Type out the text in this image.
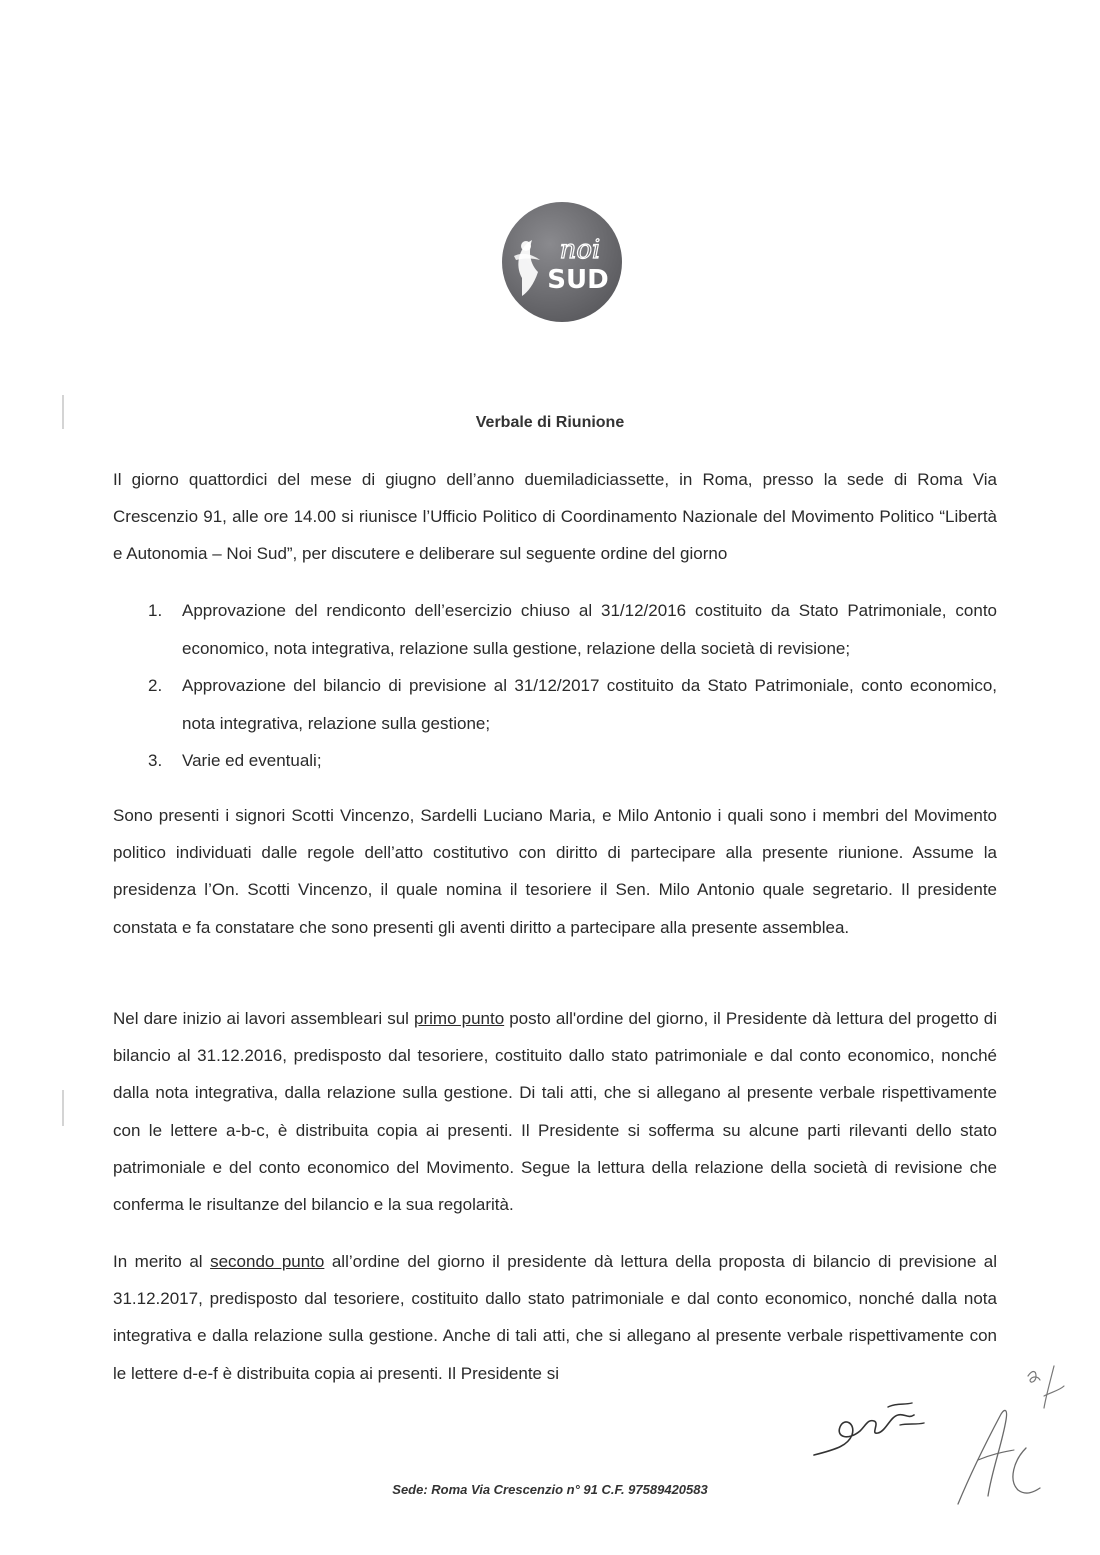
noi
SUD
Verbale di Riunione
Il giorno quattordici del mese di giugno dell’anno duemiladiciassette, in Roma, presso la sede di Roma Via Crescenzio 91, alle ore 14.00 si riunisce l’Ufficio Politico di Coordinamento Nazionale del Movimento Politico “Libertà e Autonomia – Noi Sud”, per discutere e deliberare sul seguente ordine del giorno
1. Approvazione del rendiconto dell’esercizio chiuso al 31/12/2016 costituito da Stato Patrimoniale, conto economico, nota integrativa, relazione sulla gestione, relazione della società di revisione;
2. Approvazione del bilancio di previsione al 31/12/2017 costituito da Stato Patrimoniale, conto economico, nota integrativa, relazione sulla gestione;
3. Varie ed eventuali;
Sono presenti i signori Scotti Vincenzo, Sardelli Luciano Maria, e Milo Antonio i quali sono i membri del Movimento politico individuati dalle regole dell’atto costitutivo con diritto di partecipare alla presente riunione. Assume la presidenza l’On. Scotti Vincenzo, il quale nomina il tesoriere il Sen. Milo Antonio quale segretario. Il presidente constata e fa constatare che sono presenti gli aventi diritto a partecipare alla presente assemblea.
Nel dare inizio ai lavori assembleari sul primo punto posto all'ordine del giorno, il Presidente dà lettura del progetto di bilancio al 31.12.2016, predisposto dal tesoriere, costituito dallo stato patrimoniale e dal conto economico, nonché dalla nota integrativa, dalla relazione sulla gestione. Di tali atti, che si allegano al presente verbale rispettivamente con le lettere a-b-c, è distribuita copia ai presenti. Il Presidente si sofferma su alcune parti rilevanti dello stato patrimoniale e del conto economico del Movimento. Segue la lettura della relazione della società di revisione che conferma le risultanze del bilancio e la sua regolarità.
In merito al secondo punto all’ordine del giorno il presidente dà lettura della proposta di bilancio di previsione al 31.12.2017, predisposto dal tesoriere, costituito dallo stato patrimoniale e dal conto economico, nonché dalla nota integrativa e dalla relazione sulla gestione. Anche di tali atti, che si allegano al presente verbale rispettivamente con le lettere d-e-f è distribuita copia ai presenti. Il Presidente si
Sede: Roma Via Crescenzio n° 91 C.F. 97589420583
